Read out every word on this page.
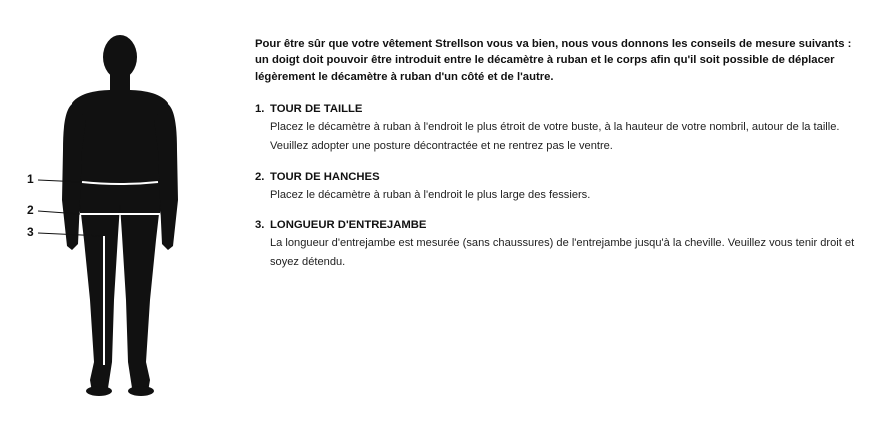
1
2
3

Pour être sûr que votre vêtement Strellson vous va bien, nous vous donnons les conseils de mesure suivants : un doigt doit pouvoir être introduit entre le décamètre à ruban et le corps afin qu'il soit possible de déplacer légèrement le décamètre à ruban d'un côté et de l'autre.

1. TOUR DE TAILLE
Placez le décamètre à ruban à l'endroit le plus étroit de votre buste, à la hauteur de votre nombril, autour de la taille. Veuillez adopter une posture décontractée et ne rentrez pas le ventre.
2. TOUR DE HANCHES
Placez le décamètre à ruban à l'endroit le plus large des fessiers.
3. LONGUEUR D'ENTREJAMBE
La longueur d'entrejambe est mesurée (sans chaussures) de l'entrejambe jusqu'à la cheville. Veuillez vous tenir droit et soyez détendu.
